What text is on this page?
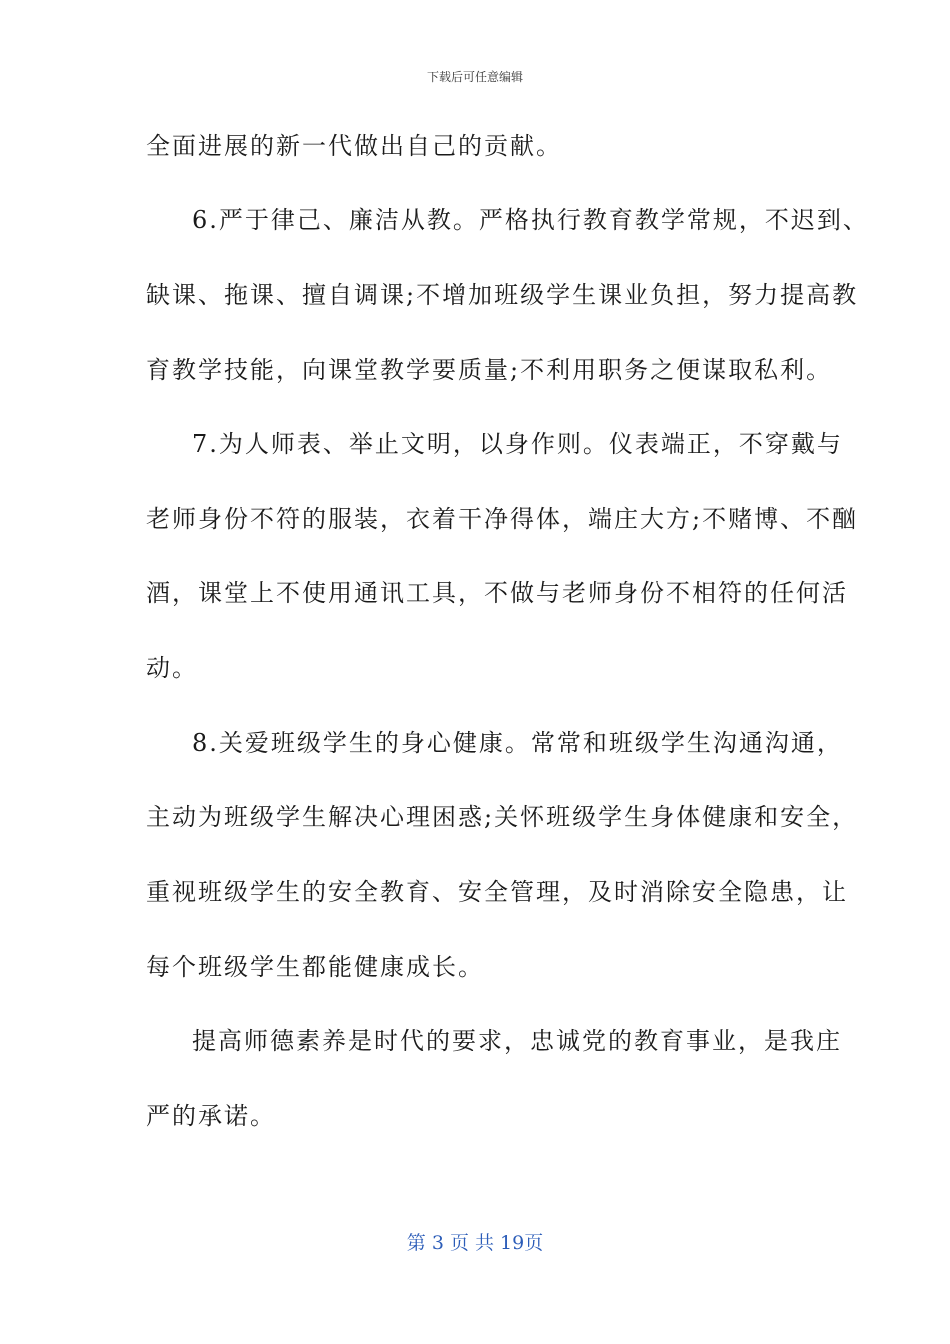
下载后可任意编辑
全面进展的新一代做出自己的贡献。
6.严于律己、廉洁从教。严格执行教育教学常规，不迟到、
缺课、拖课、擅自调课;不增加班级学生课业负担，努力提高教
育教学技能，向课堂教学要质量;不利用职务之便谋取私利。
7.为人师表、举止文明，以身作则。仪表端正，不穿戴与
老师身份不符的服装，衣着干净得体，端庄大方;不赌博、不酗
酒，课堂上不使用通讯工具，不做与老师身份不相符的任何活
动。
8.关爱班级学生的身心健康。常常和班级学生沟通沟通，
主动为班级学生解决心理困惑;关怀班级学生身体健康和安全，
重视班级学生的安全教育、安全管理，及时消除安全隐患，让
每个班级学生都能健康成长。
提高师德素养是时代的要求，忠诚党的教育事业，是我庄
严的承诺。
第 3 页 共 19页
